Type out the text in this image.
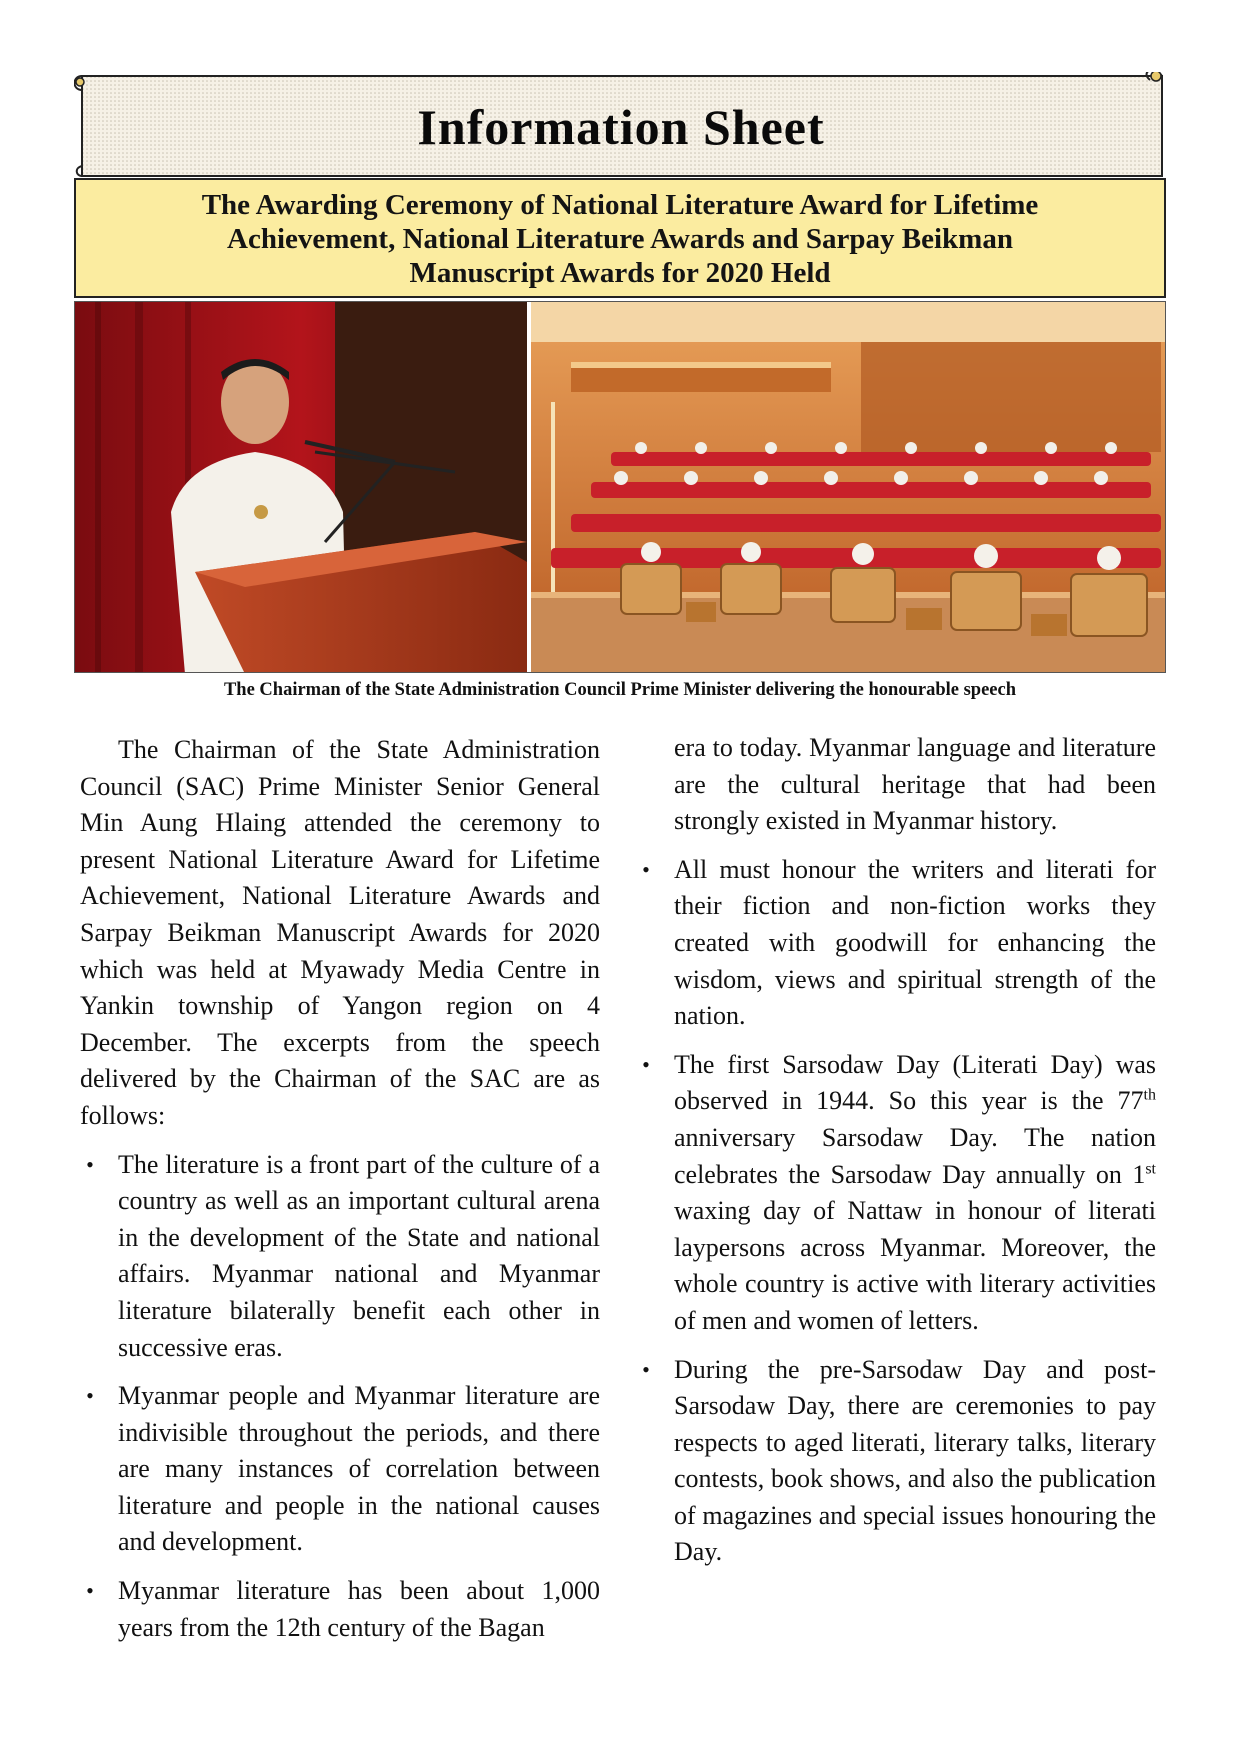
Information Sheet
The Awarding Ceremony of National Literature Award for Lifetime
Achievement, National Literature Awards and Sarpay Beikman
Manuscript Awards for 2020 Held
The Chairman of the State Administration Council Prime Minister delivering the honourable speech

The Chairman of the State Administration Council (SAC) Prime Minister Senior General Min Aung Hlaing attended the ceremony to present National Literature Award for Lifetime Achievement, National Literature Awards and Sarpay Beikman Manuscript Awards for 2020 which was held at Myawady Media Centre in Yankin township of Yangon region on 4 December. The excerpts from the speech delivered by the Chairman of the SAC are as follows:

• The literature is a front part of the culture of a country as well as an important cultural arena in the development of the State and national affairs. Myanmar national and Myanmar literature bilaterally benefit each other in successive eras.
• Myanmar people and Myanmar literature are indivisible throughout the periods, and there are many instances of correlation between literature and people in the national causes and development.
• Myanmar literature has been about 1,000 years from the 12th century of the Bagan

era to today. Myanmar language and literature are the cultural heritage that had been strongly existed in Myanmar history.

• All must honour the writers and literati for their fiction and non-fiction works they created with goodwill for enhancing the wisdom, views and spiritual strength of the nation.
• The first Sarsodaw Day (Literati Day) was observed in 1944. So this year is the 77th anniversary Sarsodaw Day. The nation celebrates the Sarsodaw Day annually on 1st waxing day of Nattaw in honour of literati laypersons across Myanmar. Moreover, the whole country is active with literary activities of men and women of letters.
• During the pre-Sarsodaw Day and post-Sarsodaw Day, there are ceremonies to pay respects to aged literati, literary talks, literary contests, book shows, and also the publication of magazines and special issues honouring the Day.
